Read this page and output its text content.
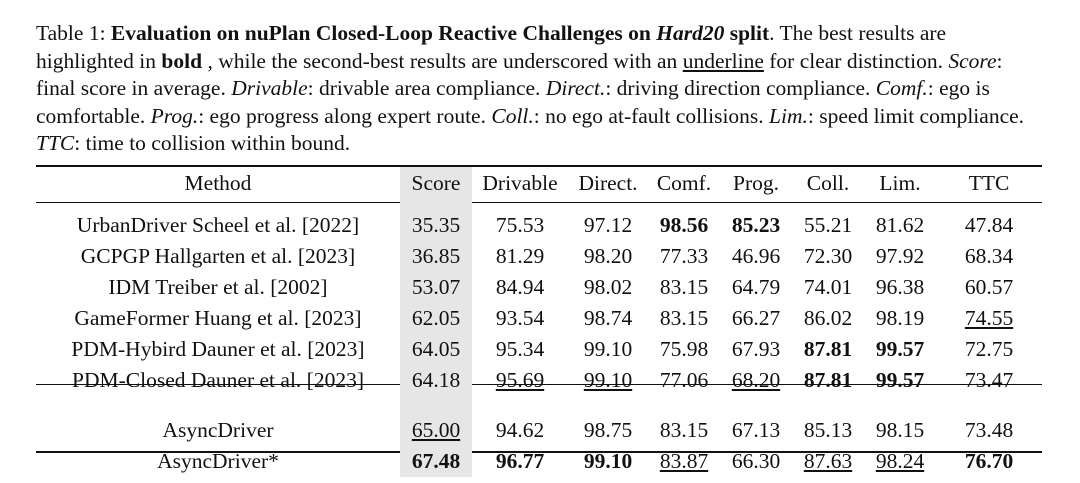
Table 1: Evaluation on nuPlan Closed-Loop Reactive Challenges on Hard20 split. The best results are highlighted in bold , while the second-best results are underscored with an underline for clear distinction. Score: final score in average. Drivable: drivable area compliance. Direct.: driving direction compliance. Comf.: ego is comfortable. Prog.: ego progress along expert route. Coll.: no ego at-fault collisions. Lim.: speed limit compliance. TTC: time to collision within bound.
Method	Score	Drivable	Direct.	Comf.	Prog.	Coll.	Lim.	TTC

UrbanDriver Scheel et al. [2022]	35.35	75.53	97.12	98.56	85.23	55.21	81.62	47.84
GCPGP Hallgarten et al. [2023]	36.85	81.29	98.20	77.33	46.96	72.30	97.92	68.34
IDM Treiber et al. [2002]	53.07	84.94	98.02	83.15	64.79	74.01	96.38	60.57
GameFormer Huang et al. [2023]	62.05	93.54	98.74	83.15	66.27	86.02	98.19	74.55
PDM-Hybird Dauner et al. [2023]	64.05	95.34	99.10	75.98	67.93	87.81	99.57	72.75
PDM-Closed Dauner et al. [2023]	64.18	95.69	99.10	77.06	68.20	87.81	99.57	73.47

AsyncDriver	65.00	94.62	98.75	83.15	67.13	85.13	98.15	73.48
AsyncDriver*	67.48	96.77	99.10	83.87	66.30	87.63	98.24	76.70
